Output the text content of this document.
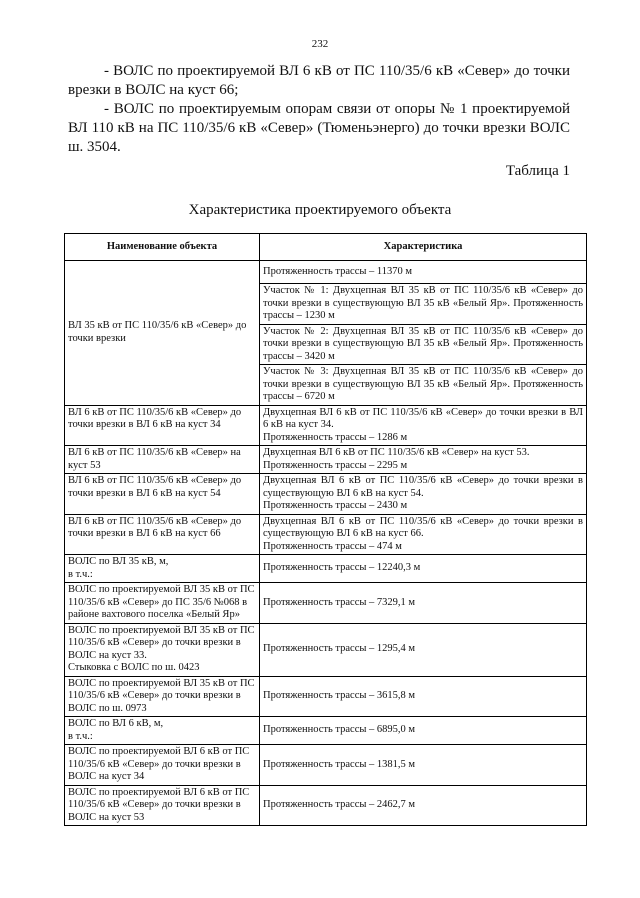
232
- ВОЛС по проектируемой ВЛ 6 кВ от ПС 110/35/6 кВ «Север» до точки врезки в ВОЛС на куст 66;
- ВОЛС по проектируемым опорам связи от опоры № 1 проектируемой ВЛ 110 кВ на ПС 110/35/6 кВ «Север» (Тюменьэнерго) до точки врезки ВОЛС ш. 3504.
Таблица 1
Характеристика проектируемого объекта
Наименование объекта	Характеристика
ВЛ 35 кВ от ПС 110/35/6 кВ «Север» до точки врезки	Протяженность трассы – 11370 м
	Участок № 1: Двухцепная ВЛ 35 кВ от ПС 110/35/6 кВ «Север» до точки врезки в существующую ВЛ 35 кВ «Белый Яр». Протяженность трассы – 1230 м
	Участок № 2: Двухцепная ВЛ 35 кВ от ПС 110/35/6 кВ «Север» до точки врезки в существующую ВЛ 35 кВ «Белый Яр». Протяженность трассы – 3420 м
	Участок № 3: Двухцепная ВЛ 35 кВ от ПС 110/35/6 кВ «Север» до точки врезки в существующую ВЛ 35 кВ «Белый Яр». Протяженность трассы – 6720 м
ВЛ 6 кВ от ПС 110/35/6 кВ «Север» до точки врезки в ВЛ 6 кВ на куст 34	Двухцепная ВЛ 6 кВ от ПС 110/35/6 кВ «Север» до точки врезки в ВЛ 6 кВ на куст 34.
Протяженность трассы – 1286 м

ВЛ 6 кВ от ПС 110/35/6 кВ «Север» на куст 53	Двухцепная ВЛ 6 кВ от ПС 110/35/6 кВ «Север» на куст 53.
Протяженность трассы – 2295 м

ВЛ 6 кВ от ПС 110/35/6 кВ «Север» до точки врезки в ВЛ 6 кВ на куст 54	Двухцепная ВЛ 6 кВ от ПС 110/35/6 кВ «Север» до точки врезки в существующую ВЛ 6 кВ на куст 54.
Протяженность трассы – 2430 м

ВЛ 6 кВ от ПС 110/35/6 кВ «Север» до точки врезки в ВЛ 6 кВ на куст 66	Двухцепная ВЛ 6 кВ от ПС 110/35/6 кВ «Север» до точки врезки в существующую ВЛ 6 кВ на куст 66.
Протяженность трассы – 474 м

ВОЛС по ВЛ 35 кВ, м,
в т.ч.:	Протяженность трассы – 12240,3 м
ВОЛС по проектируемой ВЛ 35 кВ от ПС 110/35/6 кВ «Север» до ПС 35/6 №068 в районе вахтового поселка «Белый Яр»	Протяженность трассы – 7329,1 м

ВОЛС по проектируемой ВЛ 35 кВ от ПС 110/35/6 кВ «Север» до точки врезки в ВОЛС на куст 33.
Стыковка с ВОЛС по ш. 0423	Протяженность трассы – 1295,4 м
ВОЛС по проектируемой ВЛ 35 кВ от ПС 110/35/6 кВ «Север» до точки врезки в ВОЛС по ш. 0973	Протяженность трассы – 3615,8 м

ВОЛС по ВЛ 6 кВ, м,
в т.ч.:	Протяженность трассы – 6895,0 м
ВОЛС по проектируемой ВЛ 6 кВ от ПС 110/35/6 кВ «Север» до точки врезки в ВОЛС на куст 34	Протяженность трассы – 1381,5 м
ВОЛС по проектируемой ВЛ 6 кВ от ПС 110/35/6 кВ «Север» до точки врезки в ВОЛС на куст 53	Протяженность трассы – 2462,7 м
